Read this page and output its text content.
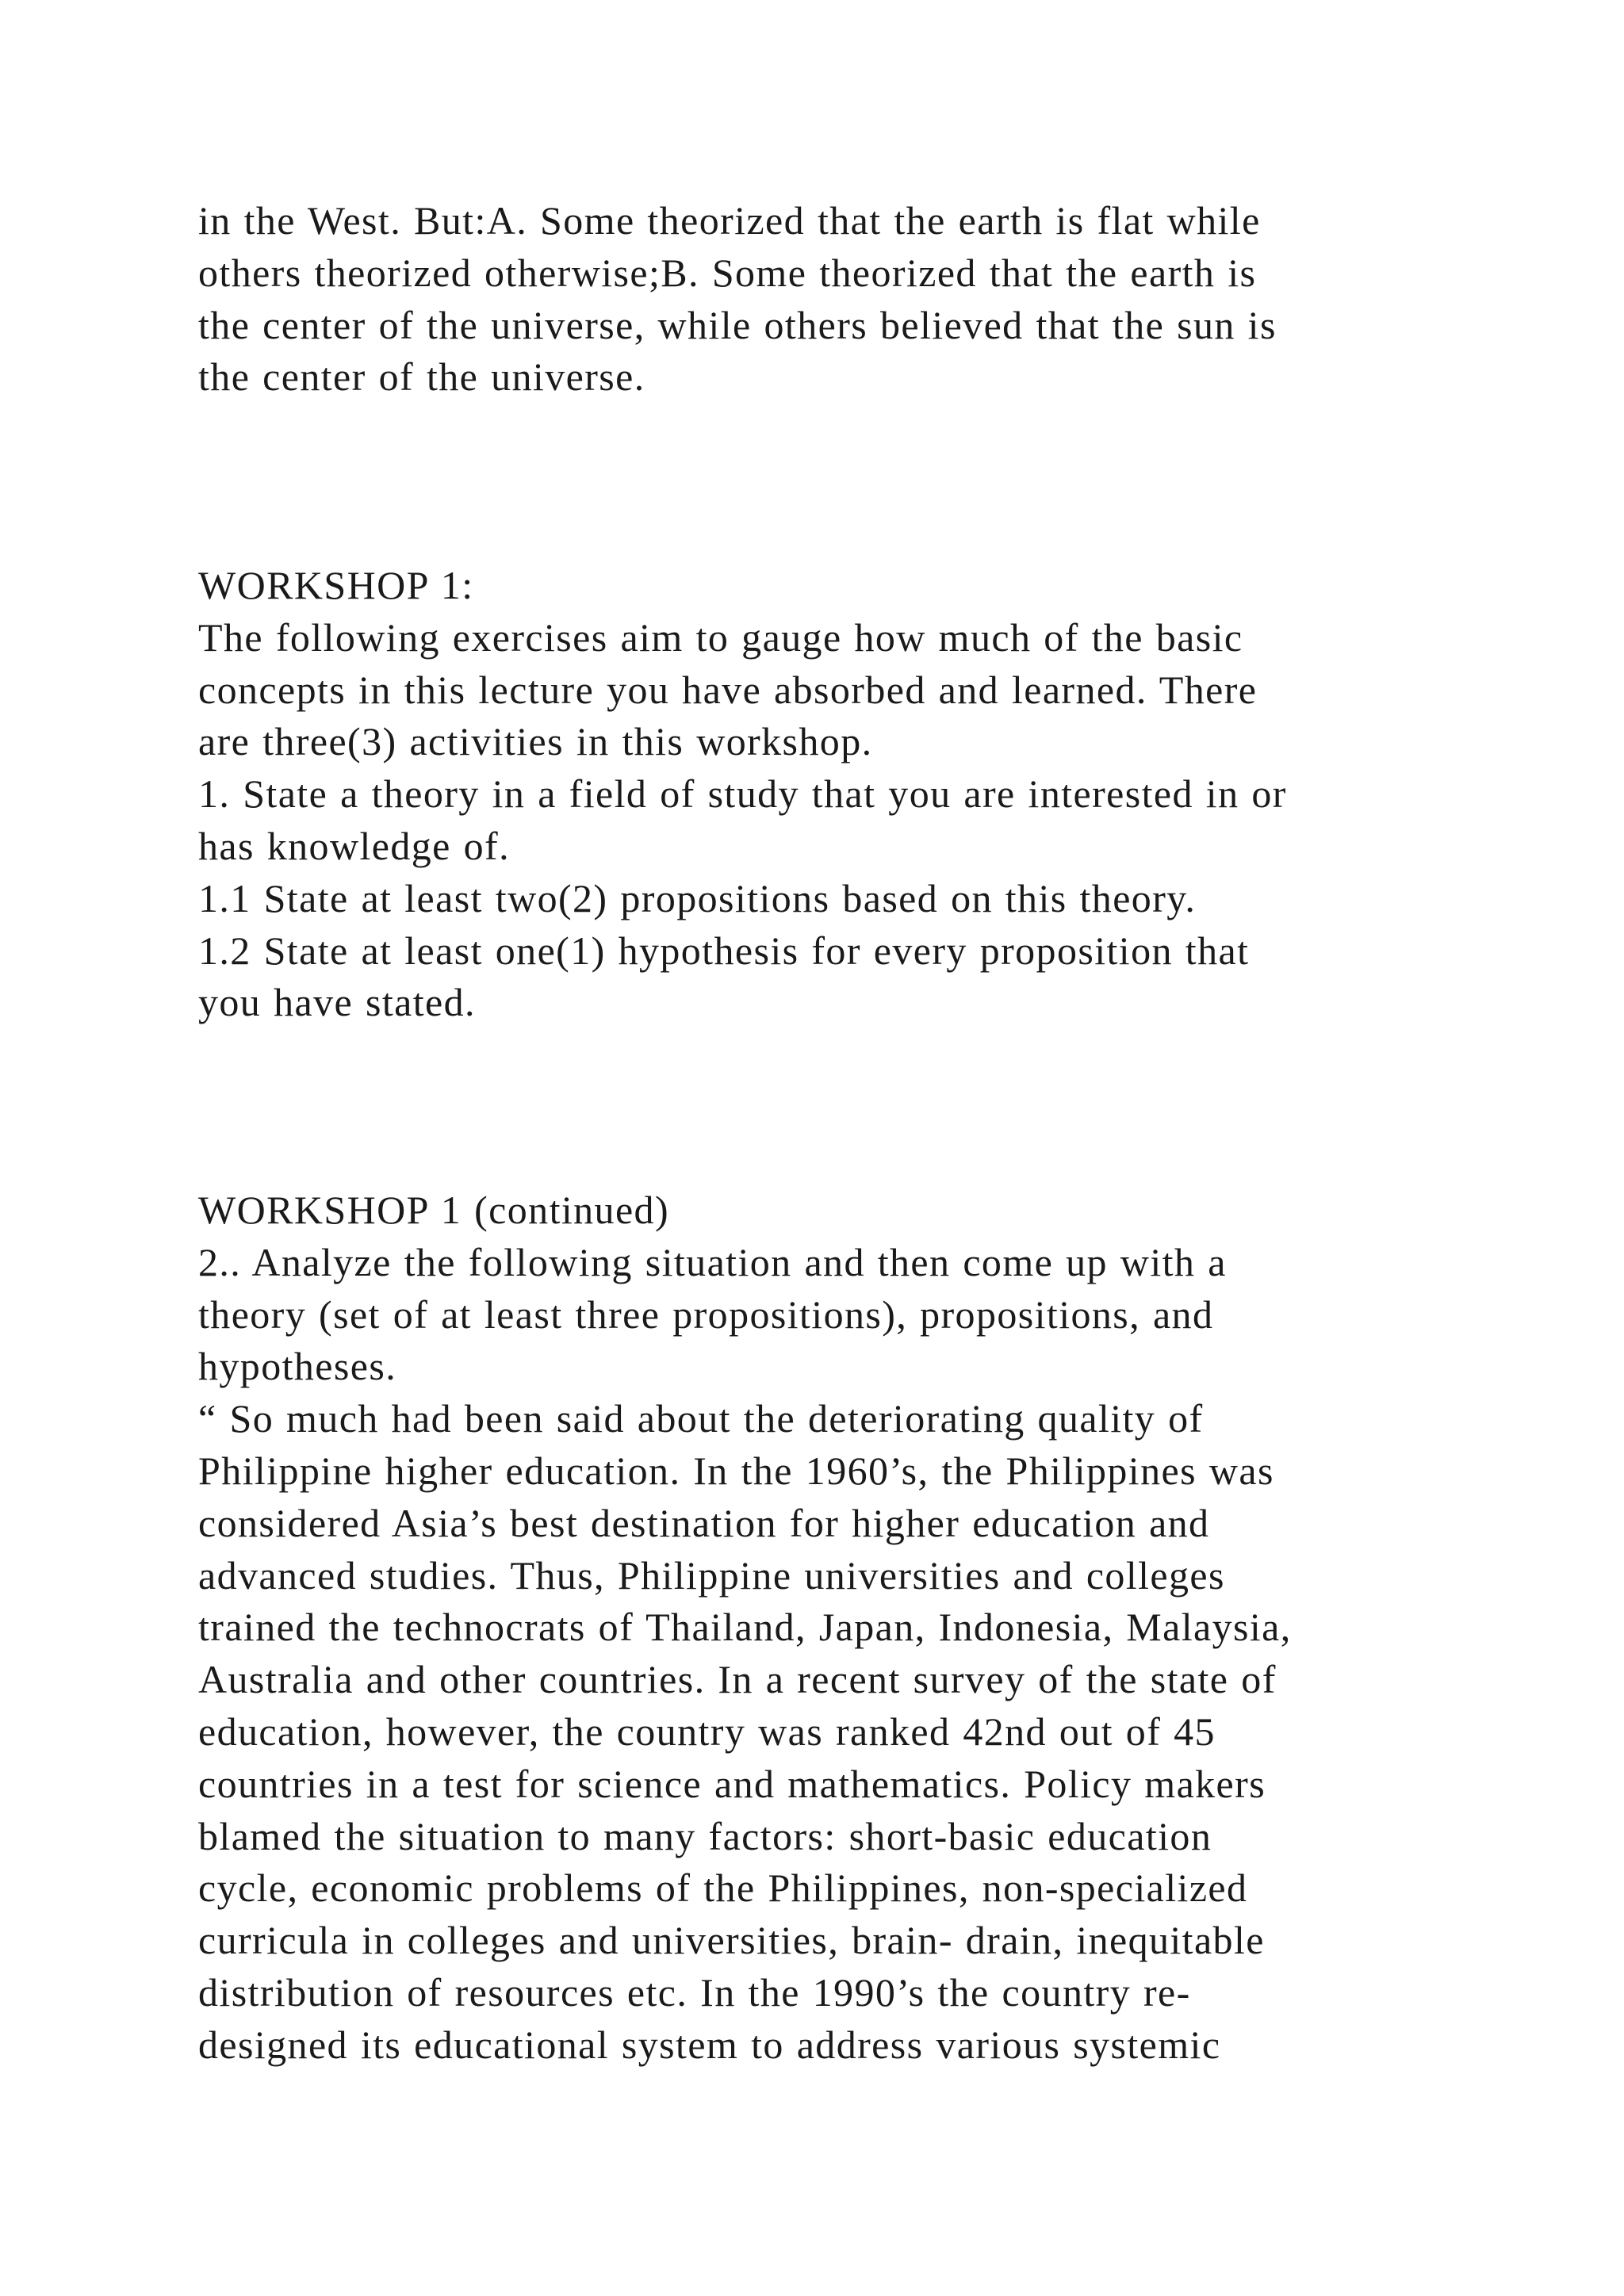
in the West. But:A. Some theorized that the earth is flat while
others theorized otherwise;B. Some theorized that the earth is
the center of the universe, while others believed that the sun is
the center of the universe.
WORKSHOP 1:
The following exercises aim to gauge how much of the basic
concepts in this lecture you have absorbed and learned. There
are three(3) activities in this workshop.
1. State a theory in a field of study that you are interested in or
has knowledge of.
1.1 State at least two(2) propositions based on this theory.
1.2 State at least one(1) hypothesis for every proposition that
you have stated.
WORKSHOP 1 (continued)
2.. Analyze the following situation and then come up with a
theory (set of at least three propositions), propositions, and
hypotheses.
“ So much had been said about the deteriorating quality of
Philippine higher education. In the 1960’s, the Philippines was
considered Asia’s best destination for higher education and
advanced studies. Thus, Philippine universities and colleges
trained the technocrats of Thailand, Japan, Indonesia, Malaysia,
Australia and other countries. In a recent survey of the state of
education, however, the country was ranked 42nd out of 45
countries in a test for science and mathematics. Policy makers
blamed the situation to many factors: short-basic education
cycle, economic problems of the Philippines, non-specialized
curricula in colleges and universities, brain- drain, inequitable
distribution of resources etc. In the 1990’s the country re-
designed its educational system to address various systemic
